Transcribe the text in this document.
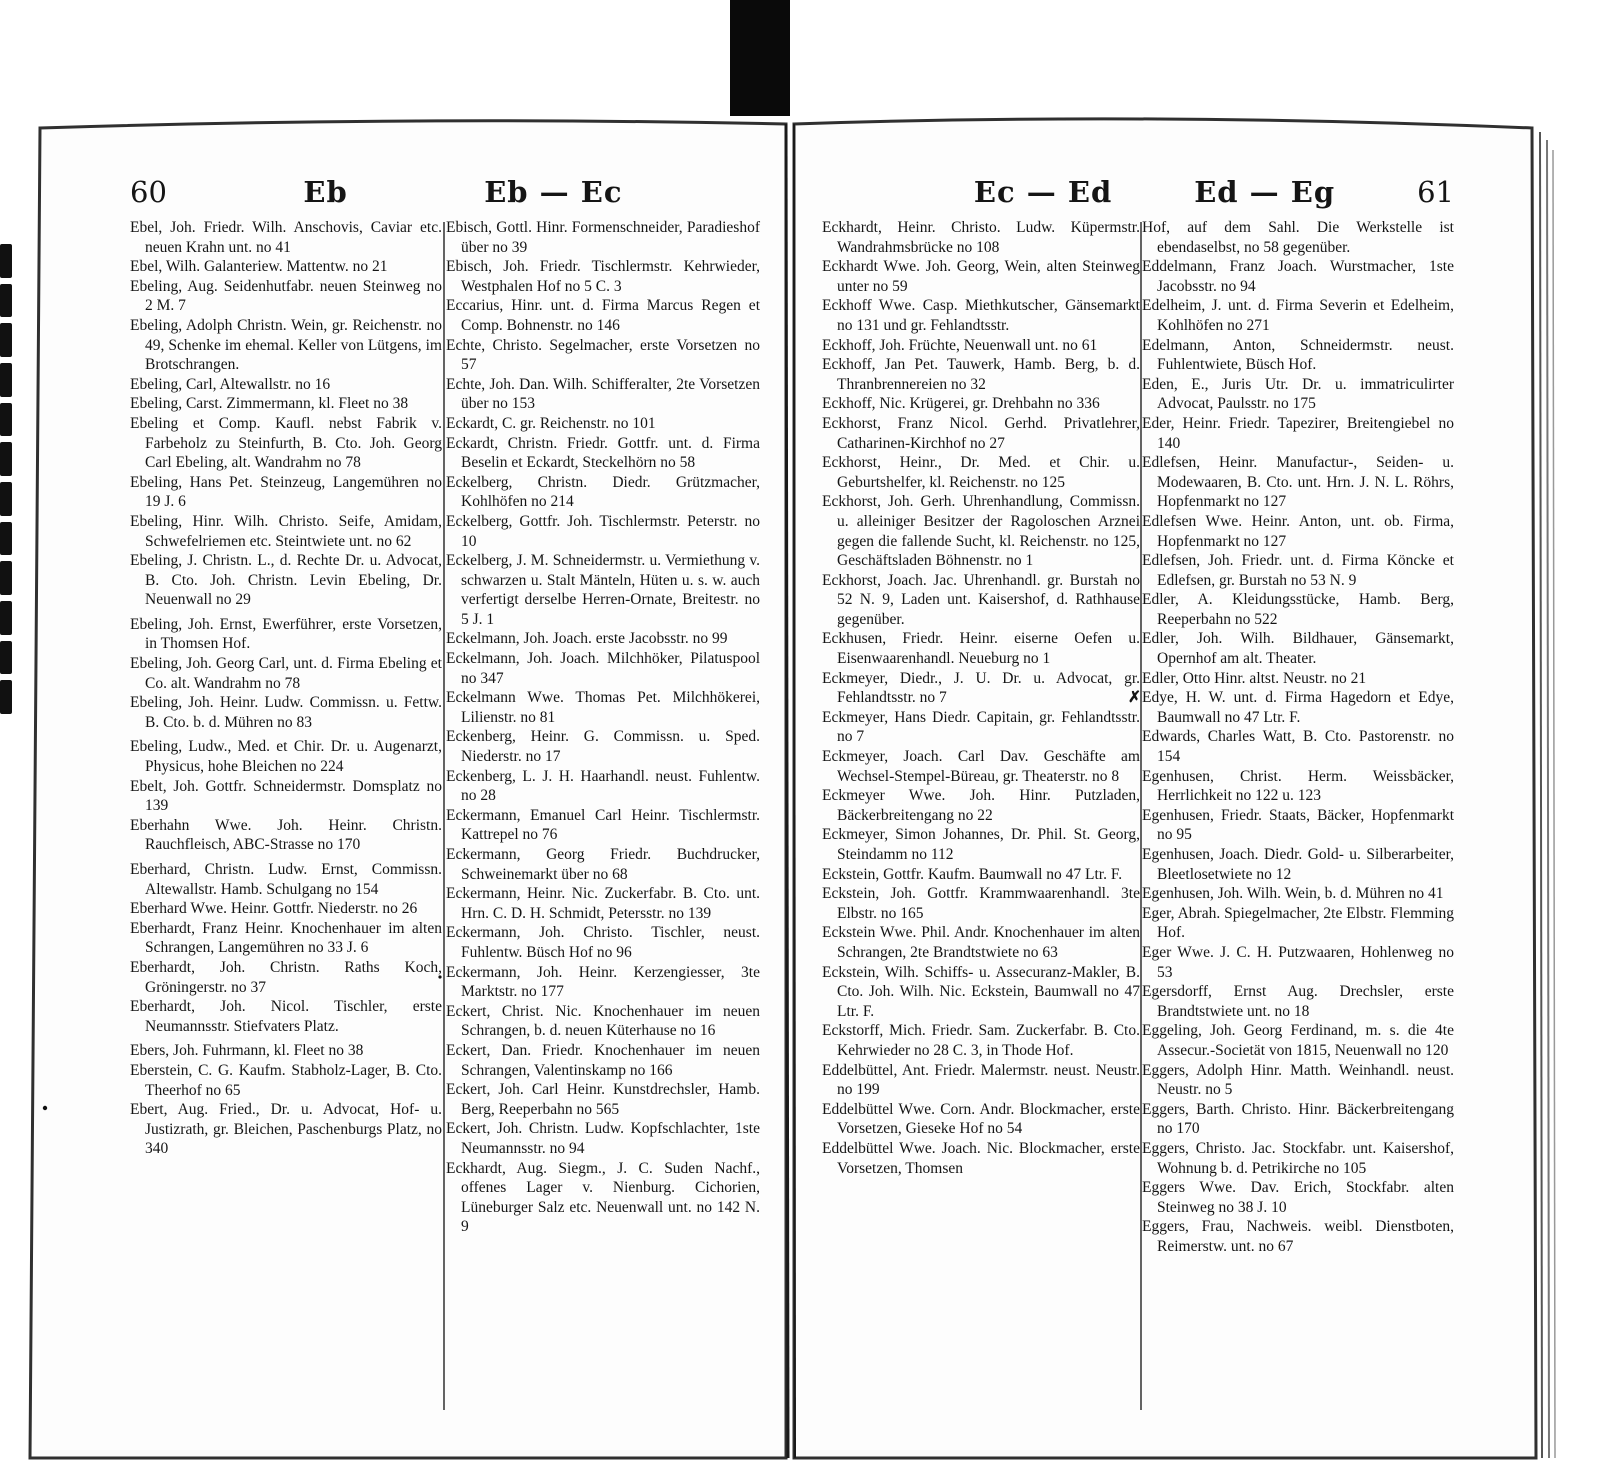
60	Eb	Eb — Ec	Ec — Ed	Ed — Eg	61

Ebel, Joh. Friedr. Wilh. Anschovis, Caviar etc. neuen Krahn unt. no 41

Ebel, Wilh. Galanteriew. Mattentw. no 21

Ebeling, Aug. Seidenhutfabr. neuen Steinweg no 2 M. 7

Ebeling, Adolph Christn. Wein, gr. Reichenstr. no 49, Schenke im ehemal. Keller von Lütgens, im Brotschrangen.

Ebeling, Carl, Altewallstr. no 16

Ebeling, Carst. Zimmermann, kl. Fleet no 38

Ebeling et Comp. Kaufl. nebst Fabrik v. Farbeholz zu Steinfurth, B. Cto. Joh. Georg Carl Ebeling, alt. Wandrahm no 78

Ebeling, Hans Pet. Steinzeug, Langemühren no 19 J. 6

Ebeling, Hinr. Wilh. Christo. Seife, Amidam, Schwefelriemen etc. Steintwiete unt. no 62

Ebeling, J. Christn. L., d. Rechte Dr. u. Advocat, B. Cto. Joh. Christn. Levin Ebeling, Dr. Neuenwall no 29

Ebeling, Joh. Ernst, Ewerführer, erste Vorsetzen, in Thomsen Hof.

Ebeling, Joh. Georg Carl, unt. d. Firma Ebeling et Co. alt. Wandrahm no 78

Ebeling, Joh. Heinr. Ludw. Commissn. u. Fettw. B. Cto. b. d. Mühren no 83

Ebeling, Ludw., Med. et Chir. Dr. u. Augenarzt, Physicus, hohe Bleichen no 224

Ebelt, Joh. Gottfr. Schneidermstr. Domsplatz no 139

Eberhahn Wwe. Joh. Heinr. Christn. Rauchfleisch, ABC-Strasse no 170

Eberhard, Christn. Ludw. Ernst, Commissn. Altewallstr. Hamb. Schulgang no 154

Eberhard Wwe. Heinr. Gottfr. Niederstr. no 26

Eberhardt, Franz Heinr. Knochenhauer im alten Schrangen, Langemühren no 33 J. 6

Eberhardt, Joh. Christn. Raths Koch, Gröningerstr. no 37

Eberhardt, Joh. Nicol. Tischler, erste Neumannsstr. Stiefvaters Platz.

Ebers, Joh. Fuhrmann, kl. Fleet no 38

Eberstein, C. G. Kaufm. Stabholz-Lager, B. Cto. Theerhof no 65

Ebert, Aug. Fried., Dr. u. Advocat, Hof- u. Justizrath, gr. Bleichen, Paschenburgs Platz, no 340

Ebisch, Gottl. Hinr. Formenschneider, Paradieshof über no 39

Ebisch, Joh. Friedr. Tischlermstr. Kehrwieder, Westphalen Hof no 5 C. 3

Eccarius, Hinr. unt. d. Firma Marcus Regen et Comp. Bohnenstr. no 146

Echte, Christo. Segelmacher, erste Vorsetzen no 57

Echte, Joh. Dan. Wilh. Schifferalter, 2te Vorsetzen über no 153

Eckardt, C. gr. Reichenstr. no 101

Eckardt, Christn. Friedr. Gottfr. unt. d. Firma Beselin et Eckardt, Steckelhörn no 58

Eckelberg, Christn. Diedr. Grützmacher, Kohlhöfen no 214

Eckelberg, Gottfr. Joh. Tischlermstr. Peterstr. no 10

Eckelberg, J. M. Schneidermstr. u. Vermiethung v. schwarzen u. Stalt Mänteln, Hüten u. s. w. auch verfertigt derselbe Herren-Ornate, Breitestr. no 5 J. 1

Eckelmann, Joh. Joach. erste Jacobsstr. no 99

Eckelmann, Joh. Joach. Milchhöker, Pilatuspool no 347

Eckelmann Wwe. Thomas Pet. Milchhökerei, Lilienstr. no 81

Eckenberg, Heinr. G. Commissn. u. Sped. Niederstr. no 17

Eckenberg, L. J. H. Haarhandl. neust. Fuhlentw. no 28

Eckermann, Emanuel Carl Heinr. Tischlermstr. Kattrepel no 76

Eckermann, Georg Friedr. Buchdrucker, Schweinemarkt über no 68

Eckermann, Heinr. Nic. Zuckerfabr. B. Cto. unt. Hrn. C. D. H. Schmidt, Petersstr. no 139

Eckermann, Joh. Christo. Tischler, neust. Fuhlentw. Büsch Hof no 96

Eckermann, Joh. Heinr. Kerzengiesser, 3te Marktstr. no 177

Eckert, Christ. Nic. Knochenhauer im neuen Schrangen, b. d. neuen Küterhause no 16

Eckert, Dan. Friedr. Knochenhauer im neuen Schrangen, Valentinskamp no 166

Eckert, Joh. Carl Heinr. Kunstdrechsler, Hamb. Berg, Reeperbahn no 565

Eckert, Joh. Christn. Ludw. Kopfschlachter, 1ste Neumannsstr. no 94

Eckhardt, Aug. Siegm., J. C. Suden Nachf., offenes Lager v. Nienburg. Cichorien, Lüneburger Salz etc. Neuenwall unt. no 142 N. 9

Eckhardt, Heinr. Christo. Ludw. Küpermstr. Wandrahmsbrücke no 108

Eckhardt Wwe. Joh. Georg, Wein, alten Steinweg unter no 59

Eckhoff Wwe. Casp. Miethkutscher, Gänsemarkt no 131 und gr. Fehlandtsstr.

Eckhoff, Joh. Früchte, Neuenwall unt. no 61

Eckhoff, Jan Pet. Tauwerk, Hamb. Berg, b. d. Thranbrennereien no 32

Eckhoff, Nic. Krügerei, gr. Drehbahn no 336

Eckhorst, Franz Nicol. Gerhd. Privatlehrer, Catharinen-Kirchhof no 27

Eckhorst, Heinr., Dr. Med. et Chir. u. Geburtshelfer, kl. Reichenstr. no 125

Eckhorst, Joh. Gerh. Uhrenhandlung, Commissn. u. alleiniger Besitzer der Ragoloschen Arznei gegen die fallende Sucht, kl. Reichenstr. no 125, Geschäftsladen Böhnenstr. no 1

Eckhorst, Joach. Jac. Uhrenhandl. gr. Burstah no 52 N. 9, Laden unt. Kaisershof, d. Rathhause gegenüber.

Eckhusen, Friedr. Heinr. eiserne Oefen u. Eisenwaarenhandl. Neueburg no 1

Eckmeyer, Diedr., J. U. Dr. u. Advocat, gr. Fehlandtsstr. no 7

Eckmeyer, Hans Diedr. Capitain, gr. Fehlandtsstr. no 7

Eckmeyer, Joach. Carl Dav. Geschäfte am Wechsel-Stempel-Büreau, gr. Theaterstr. no 8

Eckmeyer Wwe. Joh. Hinr. Putzladen, Bäckerbreitengang no 22

Eckmeyer, Simon Johannes, Dr. Phil. St. Georg, Steindamm no 112

Eckstein, Gottfr. Kaufm. Baumwall no 47 Ltr. F.

Eckstein, Joh. Gottfr. Krammwaarenhandl. 3te Elbstr. no 165

Eckstein Wwe. Phil. Andr. Knochenhauer im alten Schrangen, 2te Brandtstwiete no 63

Eckstein, Wilh. Schiffs- u. Assecuranz-Makler, B. Cto. Joh. Wilh. Nic. Eckstein, Baumwall no 47 Ltr. F.

Eckstorff, Mich. Friedr. Sam. Zuckerfabr. B. Cto. Kehrwieder no 28 C. 3, in Thode Hof.

Eddelbüttel, Ant. Friedr. Malermstr. neust. Neustr. no 199

Eddelbüttel Wwe. Corn. Andr. Blockmacher, erste Vorsetzen, Gieseke Hof no 54

Eddelbüttel Wwe. Joach. Nic. Blockmacher, erste Vorsetzen, Thomsen

Hof, auf dem Sahl. Die Werkstelle ist ebendaselbst, no 58 gegenüber.

Eddelmann, Franz Joach. Wurstmacher, 1ste Jacobsstr. no 94

Edelheim, J. unt. d. Firma Severin et Edelheim, Kohlhöfen no 271

Edelmann, Anton, Schneidermstr. neust. Fuhlentwiete, Büsch Hof.

Eden, E., Juris Utr. Dr. u. immatriculirter Advocat, Paulsstr. no 175

Eder, Heinr. Friedr. Tapezirer, Breitengiebel no 140

Edlefsen, Heinr. Manufactur-, Seiden- u. Modewaaren, B. Cto. unt. Hrn. J. N. L. Röhrs, Hopfenmarkt no 127

Edlefsen Wwe. Heinr. Anton, unt. ob. Firma, Hopfenmarkt no 127

Edlefsen, Joh. Friedr. unt. d. Firma Köncke et Edlefsen, gr. Burstah no 53 N. 9

Edler, A. Kleidungsstücke, Hamb. Berg, Reeperbahn no 522

Edler, Joh. Wilh. Bildhauer, Gänsemarkt, Opernhof am alt. Theater.

Edler, Otto Hinr. altst. Neustr. no 21

✗ Edye, H. W. unt. d. Firma Hagedorn et Edye, Baumwall no 47 Ltr. F.

Edwards, Charles Watt, B. Cto. Pastorenstr. no 154

Egenhusen, Christ. Herm. Weissbäcker, Herrlichkeit no 122 u. 123

Egenhusen, Friedr. Staats, Bäcker, Hopfenmarkt no 95

Egenhusen, Joach. Diedr. Gold- u. Silberarbeiter, Bleetlosetwiete no 12

Egenhusen, Joh. Wilh. Wein, b. d. Mühren no 41

Eger, Abrah. Spiegelmacher, 2te Elbstr. Flemming Hof.

Eger Wwe. J. C. H. Putzwaaren, Hohlenweg no 53

Egersdorff, Ernst Aug. Drechsler, erste Brandtstwiete unt. no 18

Eggeling, Joh. Georg Ferdinand, m. s. die 4te Assecur.-Societät von 1815, Neuenwall no 120

Eggers, Adolph Hinr. Matth. Weinhandl. neust. Neustr. no 5

Eggers, Barth. Christo. Hinr. Bäckerbreitengang no 170

Eggers, Christo. Jac. Stockfabr. unt. Kaisershof, Wohnung b. d. Petrikirche no 105

Eggers Wwe. Dav. Erich, Stockfabr. alten Steinweg no 38 J. 10

Eggers, Frau, Nachweis. weibl. Dienstboten, Reimerstw. unt. no 67
